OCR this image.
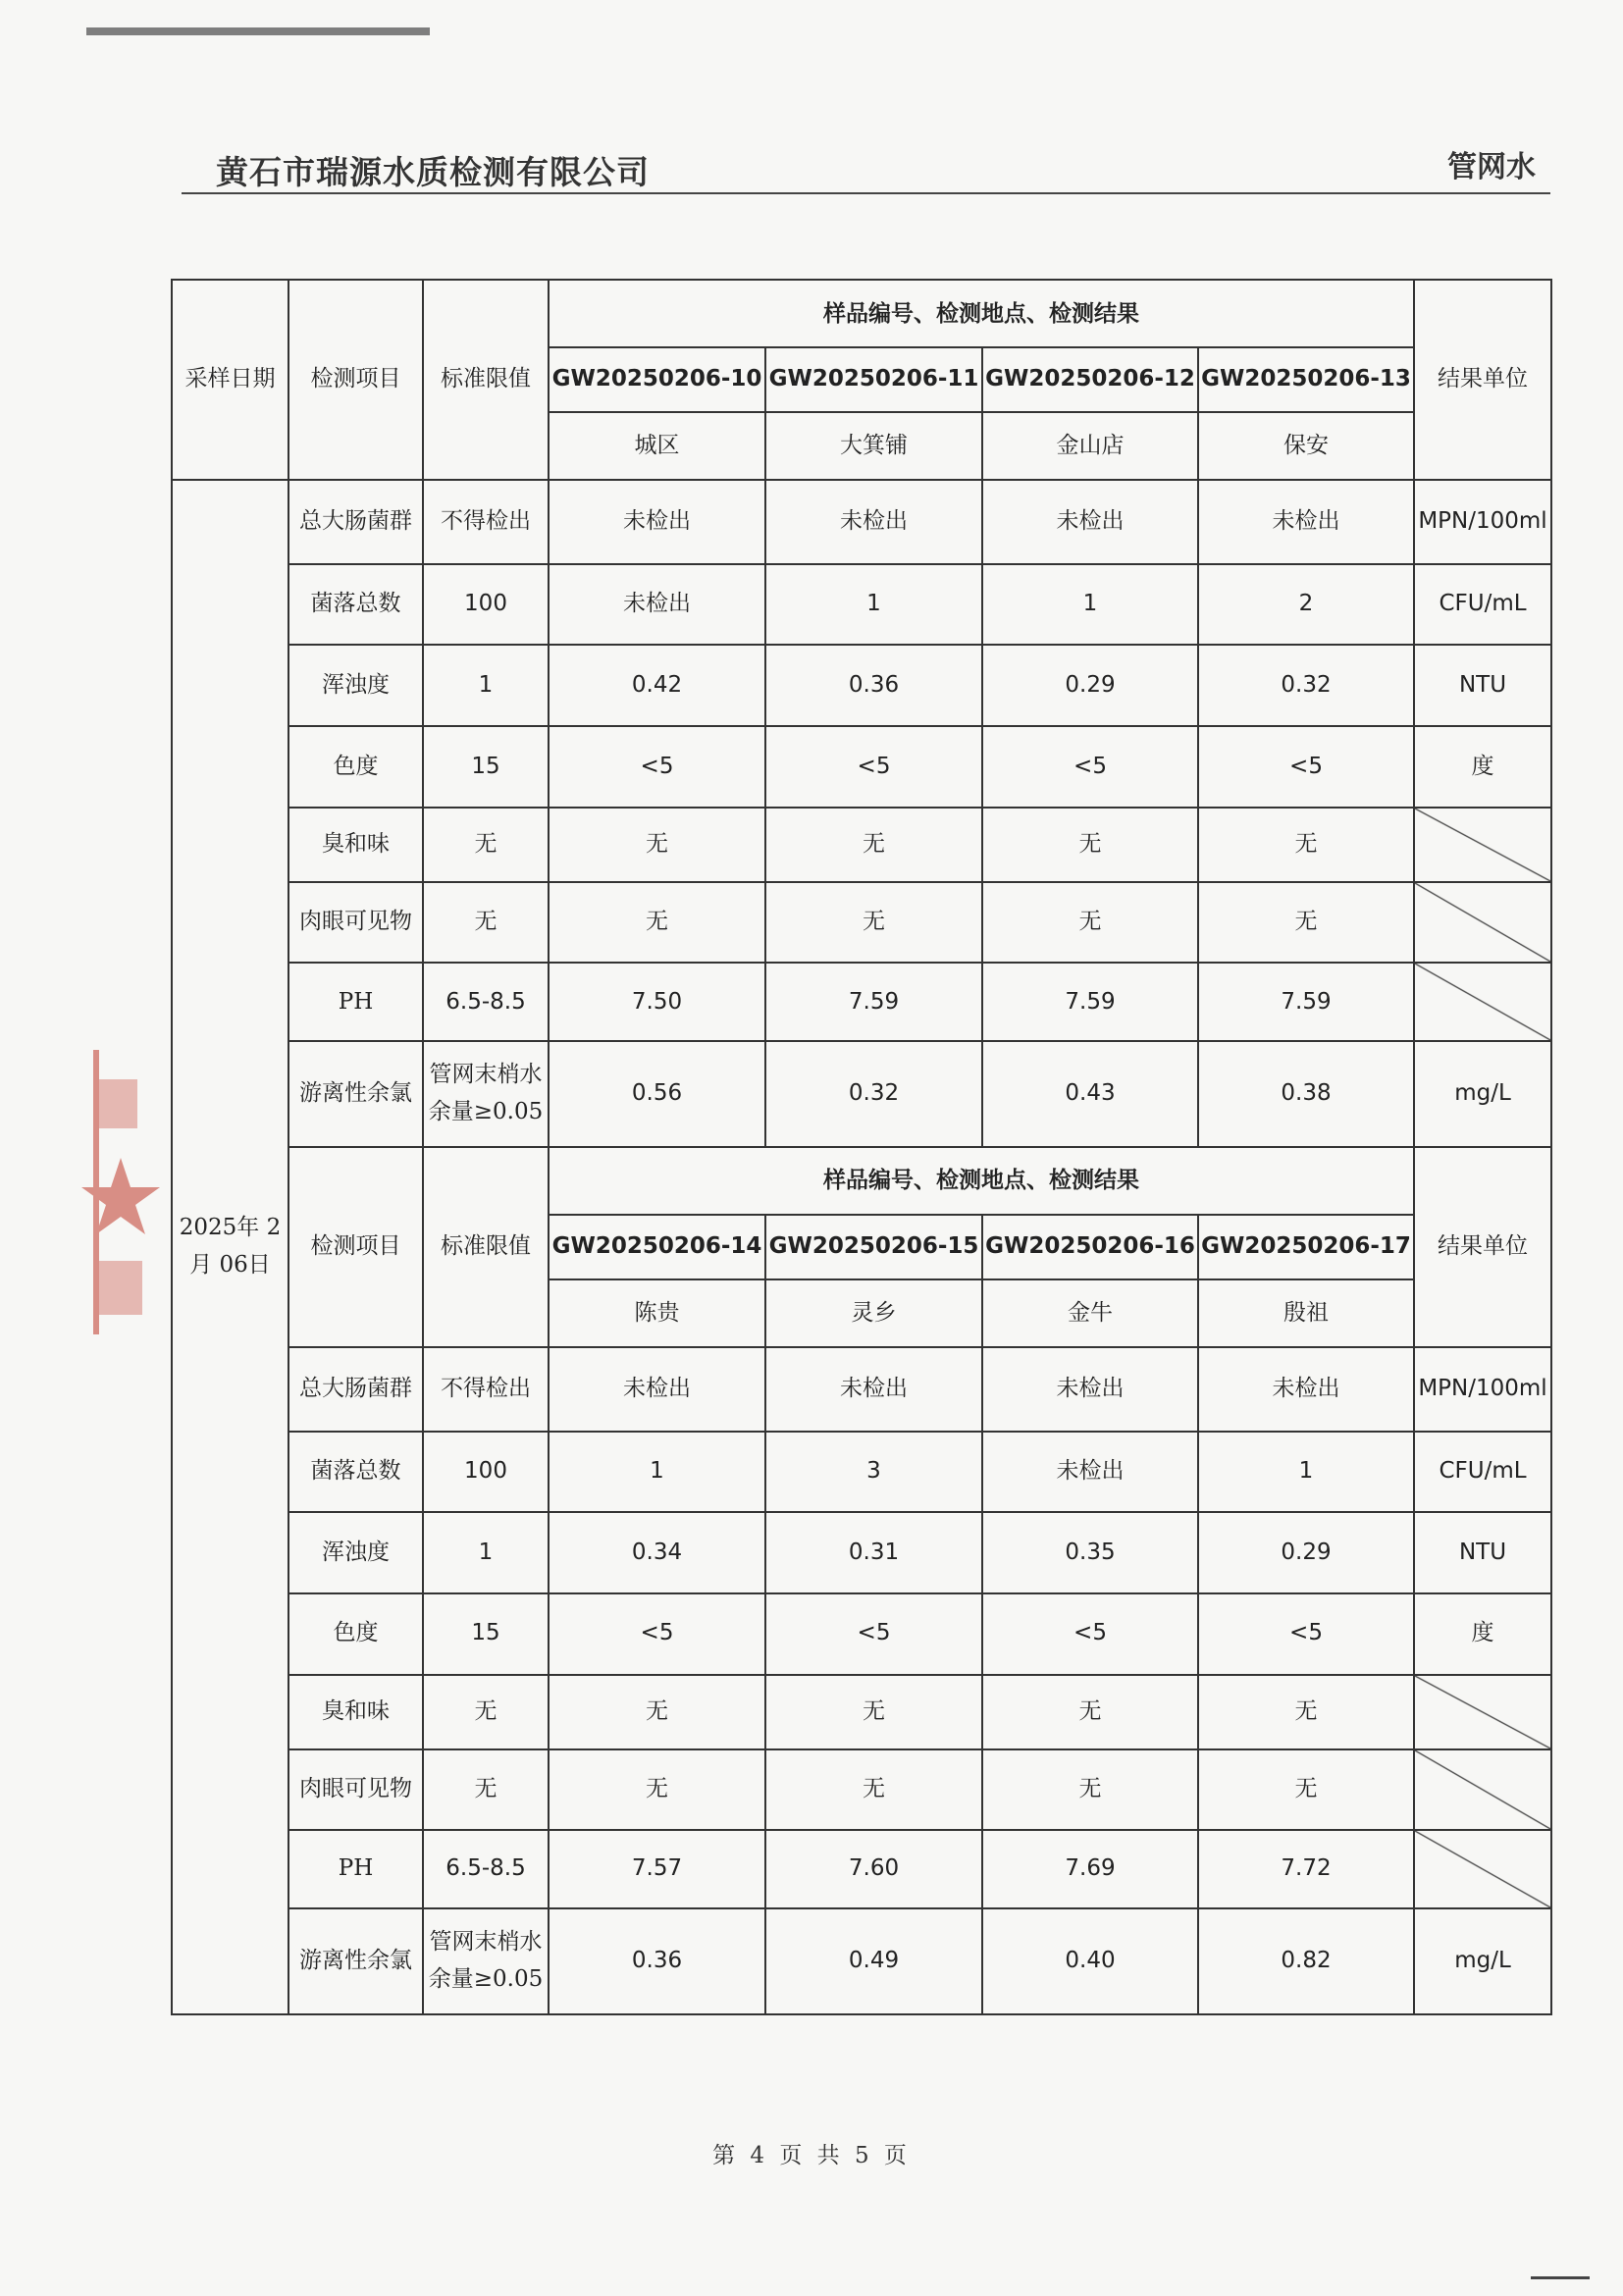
黄石市瑞源水质检测有限公司	管网水
采样日期	检测项目	标准限值	样品编号、检测地点、检测结果				结果单位
			GW20250206-10	GW20250206-11	GW20250206-12	GW20250206-13	
			城区	大箕铺	金山店	保安	
2025年 2月 06日	总大肠菌群	不得检出	未检出	未检出	未检出	未检出	MPN/100ml
	菌落总数	100	未检出	1	1	2	CFU/mL
	浑浊度	1	0.42	0.36	0.29	0.32	NTU
	色度	15	<5	<5	<5	<5	度
	臭和味	无	无	无	无	无	
	肉眼可见物	无	无	无	无	无	
	PH	6.5-8.5	7.50	7.59	7.59	7.59	
	游离性余氯	管网末梢水余量≥0.05	0.56	0.32	0.43	0.38	mg/L
	检测项目	标准限值	样品编号、检测地点、检测结果				结果单位
			GW20250206-14	GW20250206-15	GW20250206-16	GW20250206-17	
			陈贵	灵乡	金牛	殷祖	
	总大肠菌群	不得检出	未检出	未检出	未检出	未检出	MPN/100ml
	菌落总数	100	1	3	未检出	1	CFU/mL
	浑浊度	1	0.34	0.31	0.35	0.29	NTU
	色度	15	<5	<5	<5	<5	度
	臭和味	无	无	无	无	无	
	肉眼可见物	无	无	无	无	无	
	PH	6.5-8.5	7.57	7.60	7.69	7.72	
	游离性余氯	管网末梢水余量≥0.05	0.36	0.49	0.40	0.82	mg/L
第 4 页 共 5 页
